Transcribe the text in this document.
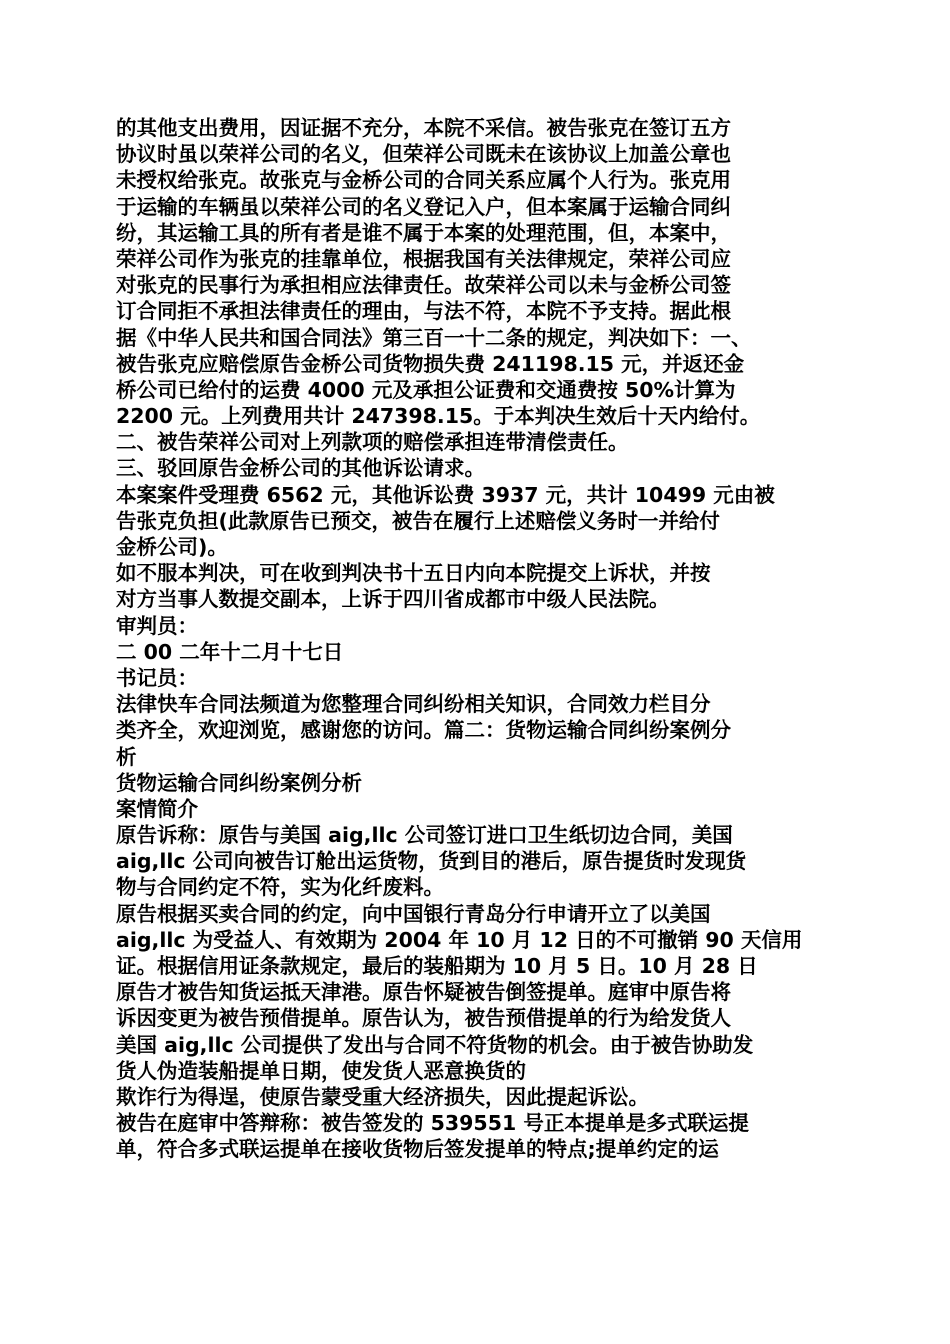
的其他支出费用，因证据不充分，本院不采信。被告张克在签订五方
协议时虽以荣祥公司的名义，但荣祥公司既未在该协议上加盖公章也
未授权给张克。故张克与金桥公司的合同关系应属个人行为。张克用
于运输的车辆虽以荣祥公司的名义登记入户，但本案属于运输合同纠
纷，其运输工具的所有者是谁不属于本案的处理范围，但，本案中，
荣祥公司作为张克的挂靠单位，根据我国有关法律规定，荣祥公司应
对张克的民事行为承担相应法律责任。故荣祥公司以未与金桥公司签
订合同拒不承担法律责任的理由，与法不符，本院不予支持。据此根
据《中华人民共和国合同法》第三百一十二条的规定，判决如下：一、
被告张克应赔偿原告金桥公司货物损失费 241198.15 元，并返还金
桥公司已给付的运费 4000 元及承担公证费和交通费按 50%计算为
2200 元。上列费用共计 247398.15。于本判决生效后十天内给付。
二、被告荣祥公司对上列款项的赔偿承担连带清偿责任。
三、驳回原告金桥公司的其他诉讼请求。
本案案件受理费 6562 元，其他诉讼费 3937 元，共计 10499 元由被
告张克负担(此款原告已预交，被告在履行上述赔偿义务时一并给付
金桥公司)。
如不服本判决，可在收到判决书十五日内向本院提交上诉状，并按
对方当事人数提交副本，上诉于四川省成都市中级人民法院。
审判员：
二 00 二年十二月十七日
书记员：
法律快车合同法频道为您整理合同纠纷相关知识，合同效力栏目分
类齐全，欢迎浏览，感谢您的访问。篇二：货物运输合同纠纷案例分
析
货物运输合同纠纷案例分析
案情简介
原告诉称：原告与美国 aig,llc 公司签订进口卫生纸切边合同，美国
aig,llc 公司向被告订舱出运货物，货到目的港后，原告提货时发现货
物与合同约定不符，实为化纤废料。
原告根据买卖合同的约定，向中国银行青岛分行申请开立了以美国
aig,llc 为受益人、有效期为 2004 年 10 月 12 日的不可撤销 90 天信用
证。根据信用证条款规定，最后的装船期为 10 月 5 日。10 月 28 日
原告才被告知货运抵天津港。原告怀疑被告倒签提单。庭审中原告将
诉因变更为被告预借提单。原告认为，被告预借提单的行为给发货人
美国 aig,llc 公司提供了发出与合同不符货物的机会。由于被告协助发
货人伪造装船提单日期，使发货人恶意换货的
欺诈行为得逞，使原告蒙受重大经济损失，因此提起诉讼。
被告在庭审中答辩称：被告签发的 539551 号正本提单是多式联运提
单，符合多式联运提单在接收货物后签发提单的特点;提单约定的运
